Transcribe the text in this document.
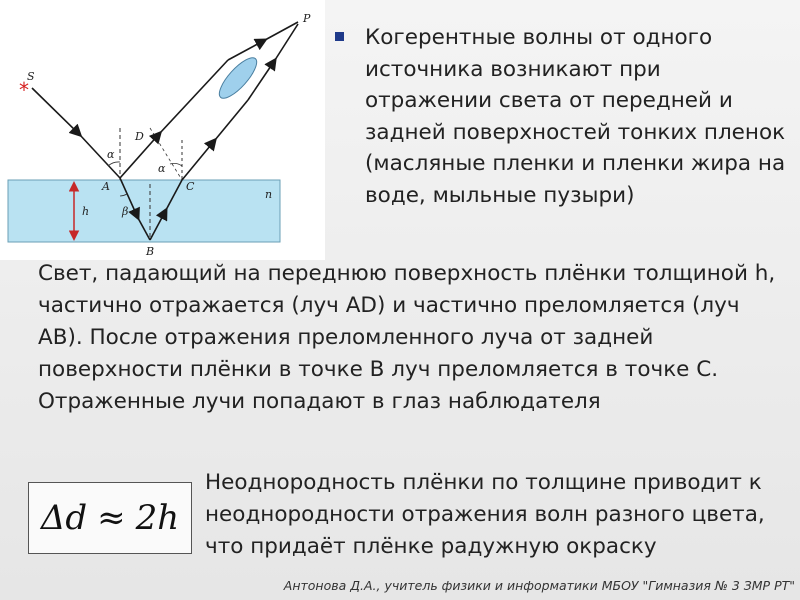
*
S
P
D
A	C
B
h
n
α
α
β
Когерентные волны от одного источника возникают при отражении света от передней и задней поверхностей тонких пленок (масляные пленки и пленки жира на воде, мыльные пузыри)
Свет, падающий на переднюю поверхность плёнки толщиной h, частично отражается (луч AD) и частично преломляется (луч AB). После отражения преломленного луча от задней поверхности плёнки в точке B луч преломляется в точке C. Отраженные лучи попадают в глаз наблюдателя
Δd ≈ 2h
Неоднородность плёнки по толщине приводит к неоднородности отражения волн разного цвета, что придаёт плёнке радужную окраску
Антонова Д.А., учитель физики и информатики МБОУ "Гимназия № 3 ЗМР РТ"
